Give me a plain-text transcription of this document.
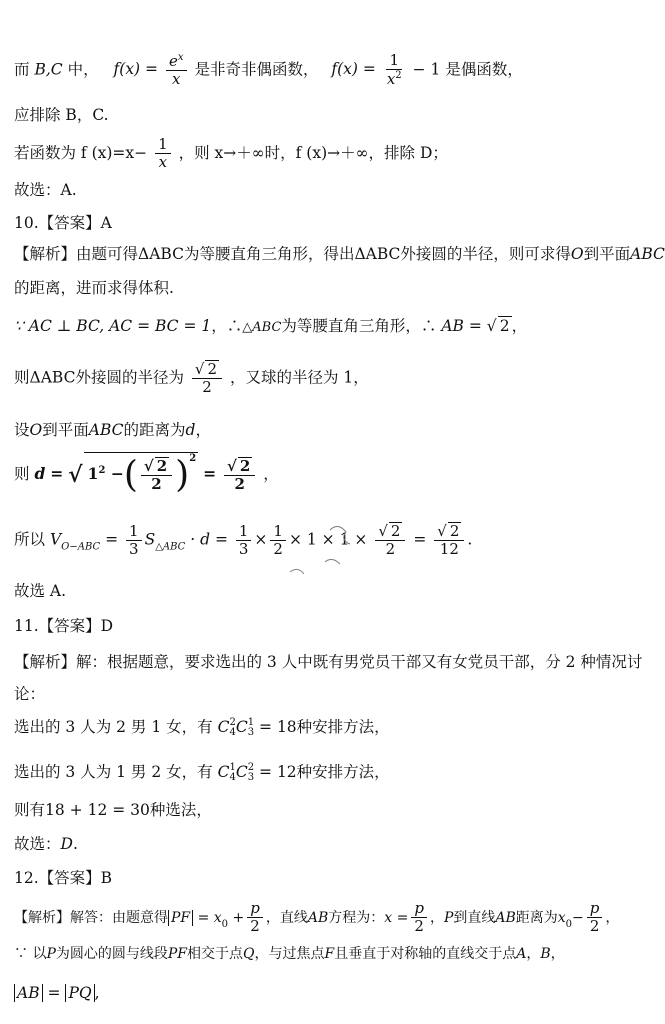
而 B,C 中， $f(x) = \frac{e^x}{x}$ 是非奇非偶函数， $f(x) = \frac{1}{x^2} - 1$ 是偶函数，
应排除 B，C.
若函数为 f $(x)=x- \frac{1}{x}$ ，则 x→＋∞时，f (x)→＋∞，排除 D；
故选：A.
10.【答案】A
【解析】由题可得ΔABC为等腰直角三角形，得出ΔABC外接圆的半径，则可求得O到平面ABC
的距离，进而求得体积.
∵ AC ⊥ BC, AC = BC = 1，∴△ABC为等腰直角三角形，∴ AB = √ 2 ，
则ΔABC外接圆的半径为 $\frac{√ 2}{2}$ ，又球的半径为 1，
设O到平面ABC的距离为d，
则 d = √ $1^2$ −( $\frac{√ 2}{2} )^2 = \frac{√ 2}{2}$ ，
所以 $V_{O-ABC} = \frac{1}{3} S_{\triangle ABC} \cdot d = \frac{1}{3} \times \frac{1}{2} \times 1 \times 1 \times \frac{√ 2}{2} = \frac{√ 2}{12}$ .
故选 A.
11.【答案】D
【解析】解：根据题意，要求选出的 3 人中既有男党员干部又有女党员干部，分 2 种情况讨
论：
选出的 3 人为 2 男 1 女，有 C 2
4 C 1
3 = 18种安排方法，
选出的 3 人为 1 男 2 女，有 C 1
4 C 2
3 = 12种安排方法，
则有18 + 12 = 30种选法，
故选：D.
12.【答案】B
【解析】解答：由题意得 PF = $x_0 + \frac{p}{2}$ ，直线AB方程为：$x = \frac{p}{2}$ ，P到直线AB距离为$x_0- \frac{p}{2}$ ，
∵ 以P为圆心的圆与线段PF相交于点Q，与过焦点F且垂直于对称轴的直线交于点A，B，
AB = PQ ,
